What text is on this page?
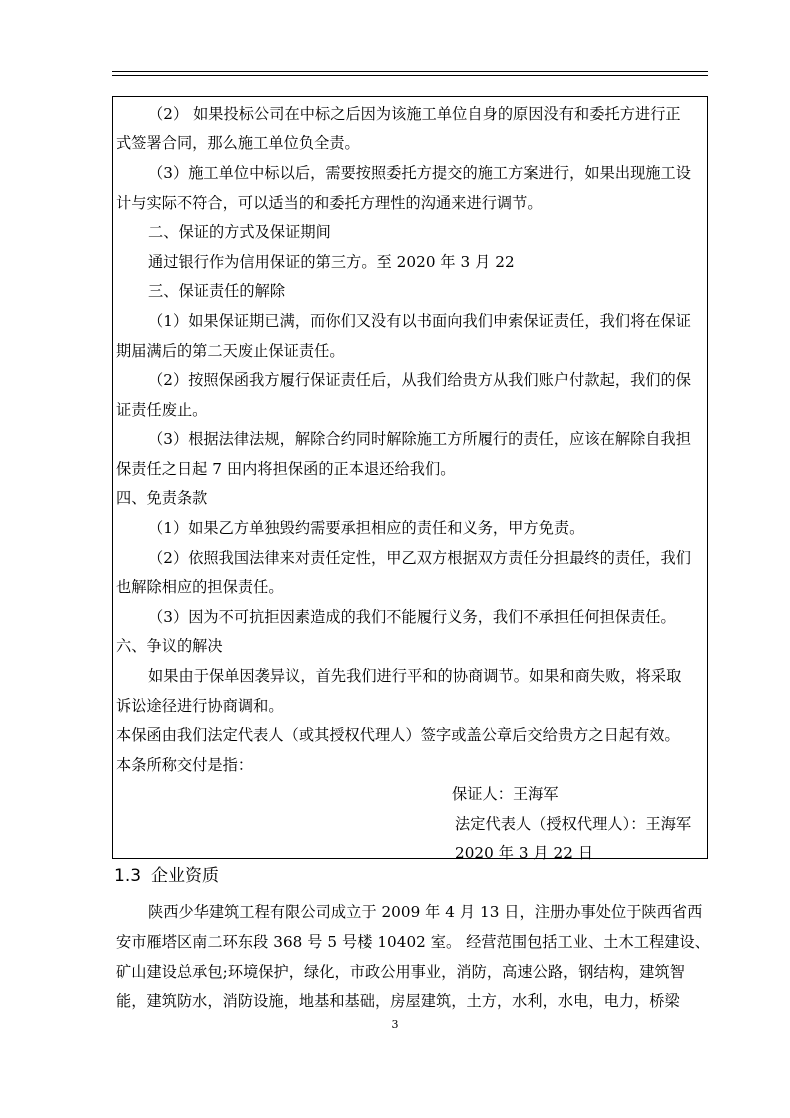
（2） 如果投标公司在中标之后因为该施工单位自身的原因没有和委托方进行正
式签署合同，那么施工单位负全责。
（3）施工单位中标以后，需要按照委托方提交的施工方案进行，如果出现施工设
计与实际不符合，可以适当的和委托方理性的沟通来进行调节。
二、保证的方式及保证期间
通过银行作为信用保证的第三方。至 2020 年 3 月 22
三、保证责任的解除
（1）如果保证期已满，而你们又没有以书面向我们申索保证责任，我们将在保证
期届满后的第二天废止保证责任。
（2）按照保函我方履行保证责任后，从我们给贵方从我们账户付款起，我们的保
证责任废止。
（3）根据法律法规，解除合约同时解除施工方所履行的责任，应该在解除自我担
保责任之日起 7 田内将担保函的正本退还给我们。
四、免责条款
（1）如果乙方单独毁约需要承担相应的责任和义务，甲方免责。
（2）依照我国法律来对责任定性，甲乙双方根据双方责任分担最终的责任，我们
也解除相应的担保责任。
（3）因为不可抗拒因素造成的我们不能履行义务，我们不承担任何担保责任。
六、争议的解决
如果由于保单因袭异议，首先我们进行平和的协商调节。如果和商失败，将采取
诉讼途径进行协商调和。
本保函由我们法定代表人（或其授权代理人）签字或盖公章后交给贵方之日起有效。
本条所称交付是指：
保证人：王海军
法定代表人（授权代理人）：王海军
2020 年 3 月 22 日
1.3 企业资质
陕西少华建筑工程有限公司成立于 2009 年 4 月 13 日，注册办事处位于陕西省西
安市雁塔区南二环东段 368 号 5 号楼 10402 室。 经营范围包括工业、土木工程建设、
矿山建设总承包;环境保护，绿化，市政公用事业，消防，高速公路，钢结构，建筑智
能，建筑防水，消防设施，地基和基础，房屋建筑，土方，水利，水电，电力，桥梁
3
